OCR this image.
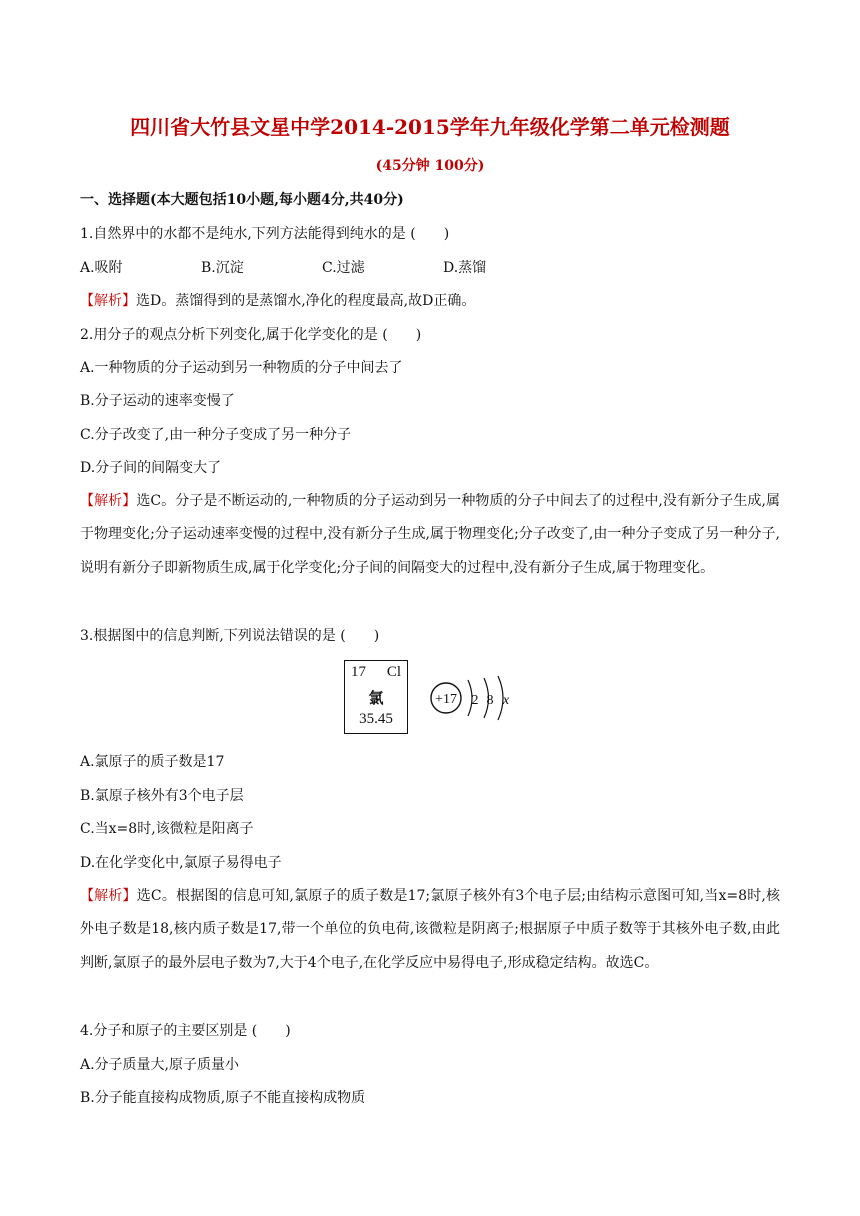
四川省大竹县文星中学2014-2015学年九年级化学第二单元检测题
(45分钟 100分)
一、选择题(本大题包括10小题,每小题4分,共40分)
1.自然界中的水都不是纯水,下列方法能得到纯水的是 (　　)
A.吸附	B.沉淀	C.过滤	D.蒸馏
【解析】选D。蒸馏得到的是蒸馏水,净化的程度最高,故D正确。
2.用分子的观点分析下列变化,属于化学变化的是 (　　)
A.一种物质的分子运动到另一种物质的分子中间去了
B.分子运动的速率变慢了
C.分子改变了,由一种分子变成了另一种分子
D.分子间的间隔变大了
【解析】选C。分子是不断运动的,一种物质的分子运动到另一种物质的分子中间去了的过程中,没有新分子生成,属于物理变化;分子运动速率变慢的过程中,没有新分子生成,属于物理变化;分子改变了,由一种分子变成了另一种分子,说明有新分子即新物质生成,属于化学变化;分子间的间隔变大的过程中,没有新分子生成,属于物理变化。
3.根据图中的信息判断,下列说法错误的是 (　　)
17 Cl
氯
35.45
+17 2 8 x
A.氯原子的质子数是17
B.氯原子核外有3个电子层
C.当x=8时,该微粒是阳离子
D.在化学变化中,氯原子易得电子
【解析】选C。根据图的信息可知,氯原子的质子数是17;氯原子核外有3个电子层;由结构示意图可知,当x=8时,核外电子数是18,核内质子数是17,带一个单位的负电荷,该微粒是阴离子;根据原子中质子数等于其核外电子数,由此判断,氯原子的最外层电子数为7,大于4个电子,在化学反应中易得电子,形成稳定结构。故选C。
4.分子和原子的主要区别是 (　　)
A.分子质量大,原子质量小
B.分子能直接构成物质,原子不能直接构成物质
